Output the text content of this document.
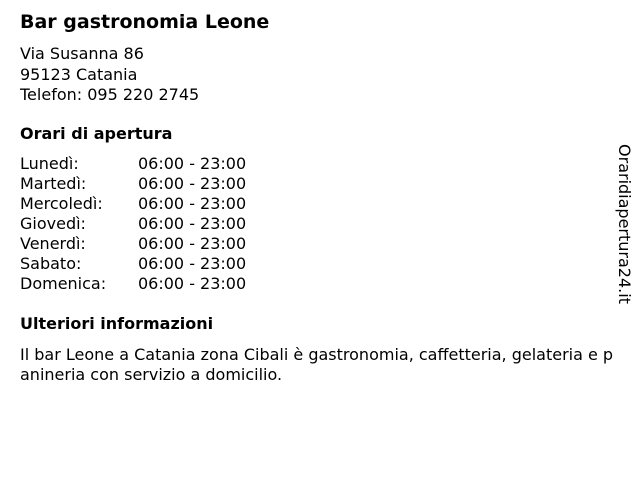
Bar gastronomia Leone
Via Susanna 86
95123 Catania
Telefon: 095 220 2745
Orari di apertura
Lunedì:	06:00 - 23:00
Martedì:	06:00 - 23:00
Mercoledì: 06:00 - 23:00
Giovedì:	06:00 - 23:00
Venerdì:	06:00 - 23:00
Sabato:	06:00 - 23:00
Domenica: 06:00 - 23:00
Ulteriori informazioni

Il bar Leone a Catania zona Cibali è gastronomia, caffetteria, gelateria e panineria con servizio a domicilio.

Oraridiapertura24.it
